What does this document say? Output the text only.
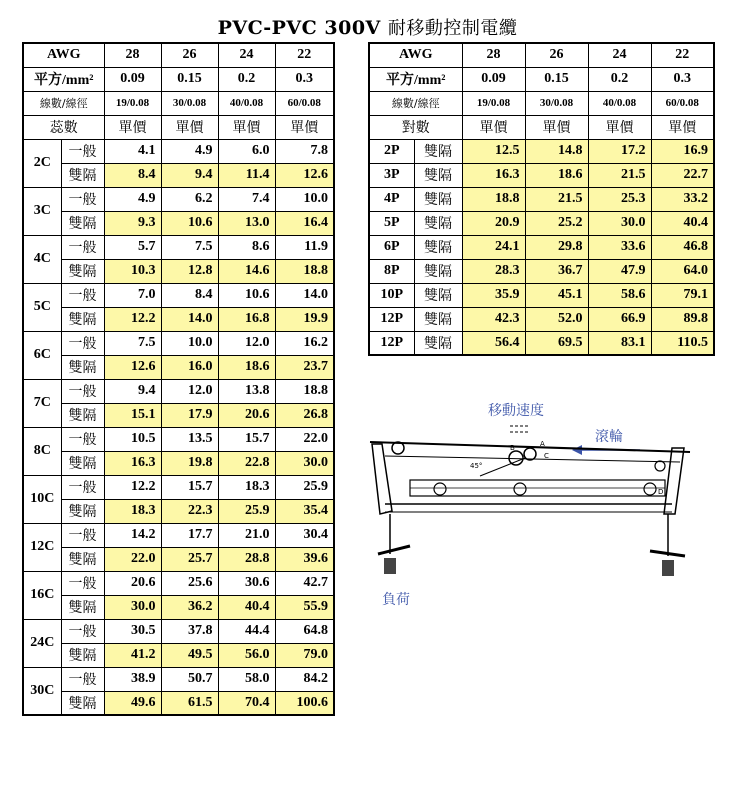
PVC-PVC 300V 耐移動控制電纜
AWG		28	26	24	22
平方/mm²		0.09	0.15	0.2	0.3
線數/線徑		19/0.08	30/0.08	40/0.08	60/0.08
蕊數		單價	單價	單價	單價
2C	一般	4.1	4.9	6.0	7.8
	雙隔	8.4	9.4	11.4	12.6
3C	一般	4.9	6.2	7.4	10.0
	雙隔	9.3	10.6	13.0	16.4
4C	一般	5.7	7.5	8.6	11.9
	雙隔	10.3	12.8	14.6	18.8
5C	一般	7.0	8.4	10.6	14.0
	雙隔	12.2	14.0	16.8	19.9
6C	一般	7.5	10.0	12.0	16.2
	雙隔	12.6	16.0	18.6	23.7
7C	一般	9.4	12.0	13.8	18.8
	雙隔	15.1	17.9	20.6	26.8
8C	一般	10.5	13.5	15.7	22.0
	雙隔	16.3	19.8	22.8	30.0
10C	一般	12.2	15.7	18.3	25.9
	雙隔	18.3	22.3	25.9	35.4
12C	一般	14.2	17.7	21.0	30.4
	雙隔	22.0	25.7	28.8	39.6
16C	一般	20.6	25.6	30.6	42.7
	雙隔	30.0	36.2	40.4	55.9
24C	一般	30.5	37.8	44.4	64.8
	雙隔	41.2	49.5	56.0	79.0
30C	一般	38.9	50.7	58.0	84.2
	雙隔	49.6	61.5	70.4	100.6
AWG		28	26	24	22
平方/mm²		0.09	0.15	0.2	0.3
線數/線徑		19/0.08	30/0.08	40/0.08	60/0.08
對數		單價	單價	單價	單價
2P	雙隔	12.5	14.8	17.2	16.9
3P	雙隔	16.3	18.6	21.5	22.7
4P	雙隔	18.8	21.5	25.3	33.2
5P	雙隔	20.9	25.2	30.0	40.4
6P	雙隔	24.1	29.8	33.6	46.8
8P	雙隔	28.3	36.7	47.9	64.0
10P	雙隔	35.9	45.1	58.6	79.1
12P	雙隔	42.3	52.0	66.9	89.8
12P	雙隔	56.4	69.5	83.1	110.5
移動速度
滾輪
負荷
A
B
C
D
45°
